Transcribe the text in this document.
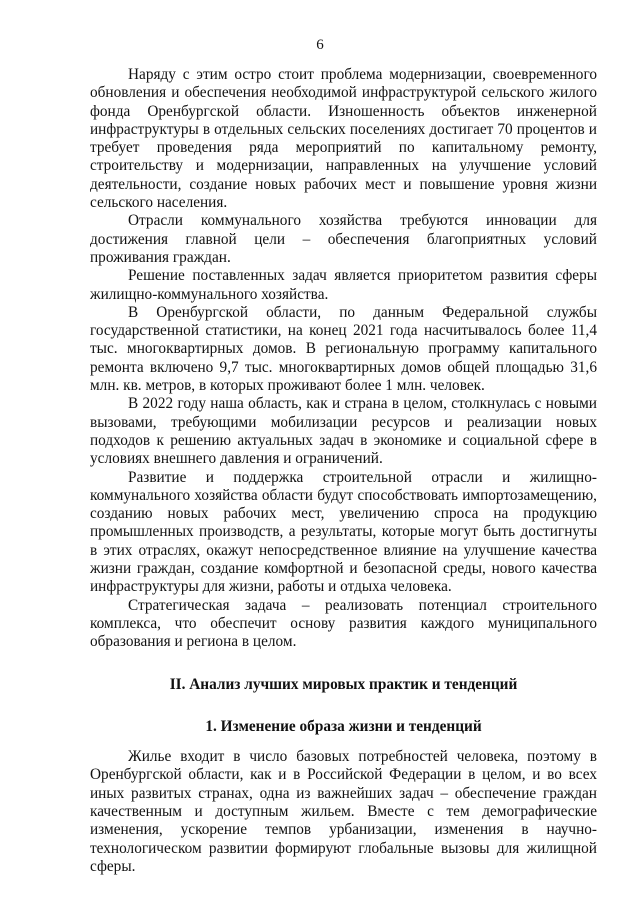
6

Наряду с этим остро стоит проблема модернизации, своевременного обновления и обеспечения необходимой инфраструктурой сельского жилого фонда Оренбургской области. Изношенность объектов инженерной инфраструктуры в отдельных сельских поселениях достигает 70 процентов и требует проведения ряда мероприятий по капитальному ремонту, строительству и модернизации, направленных на улучшение условий деятельности, создание новых рабочих мест и повышение уровня жизни сельского населения.

Отрасли коммунального хозяйства требуются инновации для достижения главной цели – обеспечения благоприятных условий проживания граждан.

Решение поставленных задач является приоритетом развития сферы жилищно-коммунального хозяйства.

В Оренбургской области, по данным Федеральной службы государственной статистики, на конец 2021 года насчитывалось более 11,4 тыс. многоквартирных домов. В региональную программу капитального ремонта включено 9,7 тыс. многоквартирных домов общей площадью 31,6 млн. кв. метров, в которых проживают более 1 млн. человек.

В 2022 году наша область, как и страна в целом, столкнулась с новыми вызовами, требующими мобилизации ресурсов и реализации новых подходов к решению актуальных задач в экономике и социальной сфере в условиях внешнего давления и ограничений.

Развитие и поддержка строительной отрасли и жилищно-коммунального хозяйства области будут способствовать импортозамещению, созданию новых рабочих мест, увеличению спроса на продукцию промышленных производств, а результаты, которые могут быть достигнуты в этих отраслях, окажут непосредственное влияние на улучшение качества жизни граждан, создание комфортной и безопасной среды, нового качества инфраструктуры для жизни, работы и отдыха человека.

Стратегическая задача – реализовать потенциал строительного комплекса, что обеспечит основу развития каждого муниципального образования и региона в целом.

II. Анализ лучших мировых практик и тенденций
1. Изменение образа жизни и тенденций

Жилье входит в число базовых потребностей человека, поэтому в Оренбургской области, как и в Российской Федерации в целом, и во всех иных развитых странах, одна из важнейших задач – обеспечение граждан качественным и доступным жильем. Вместе с тем демографические изменения, ускорение темпов урбанизации, изменения в научно-технологическом развитии формируют глобальные вызовы для жилищной сферы.
